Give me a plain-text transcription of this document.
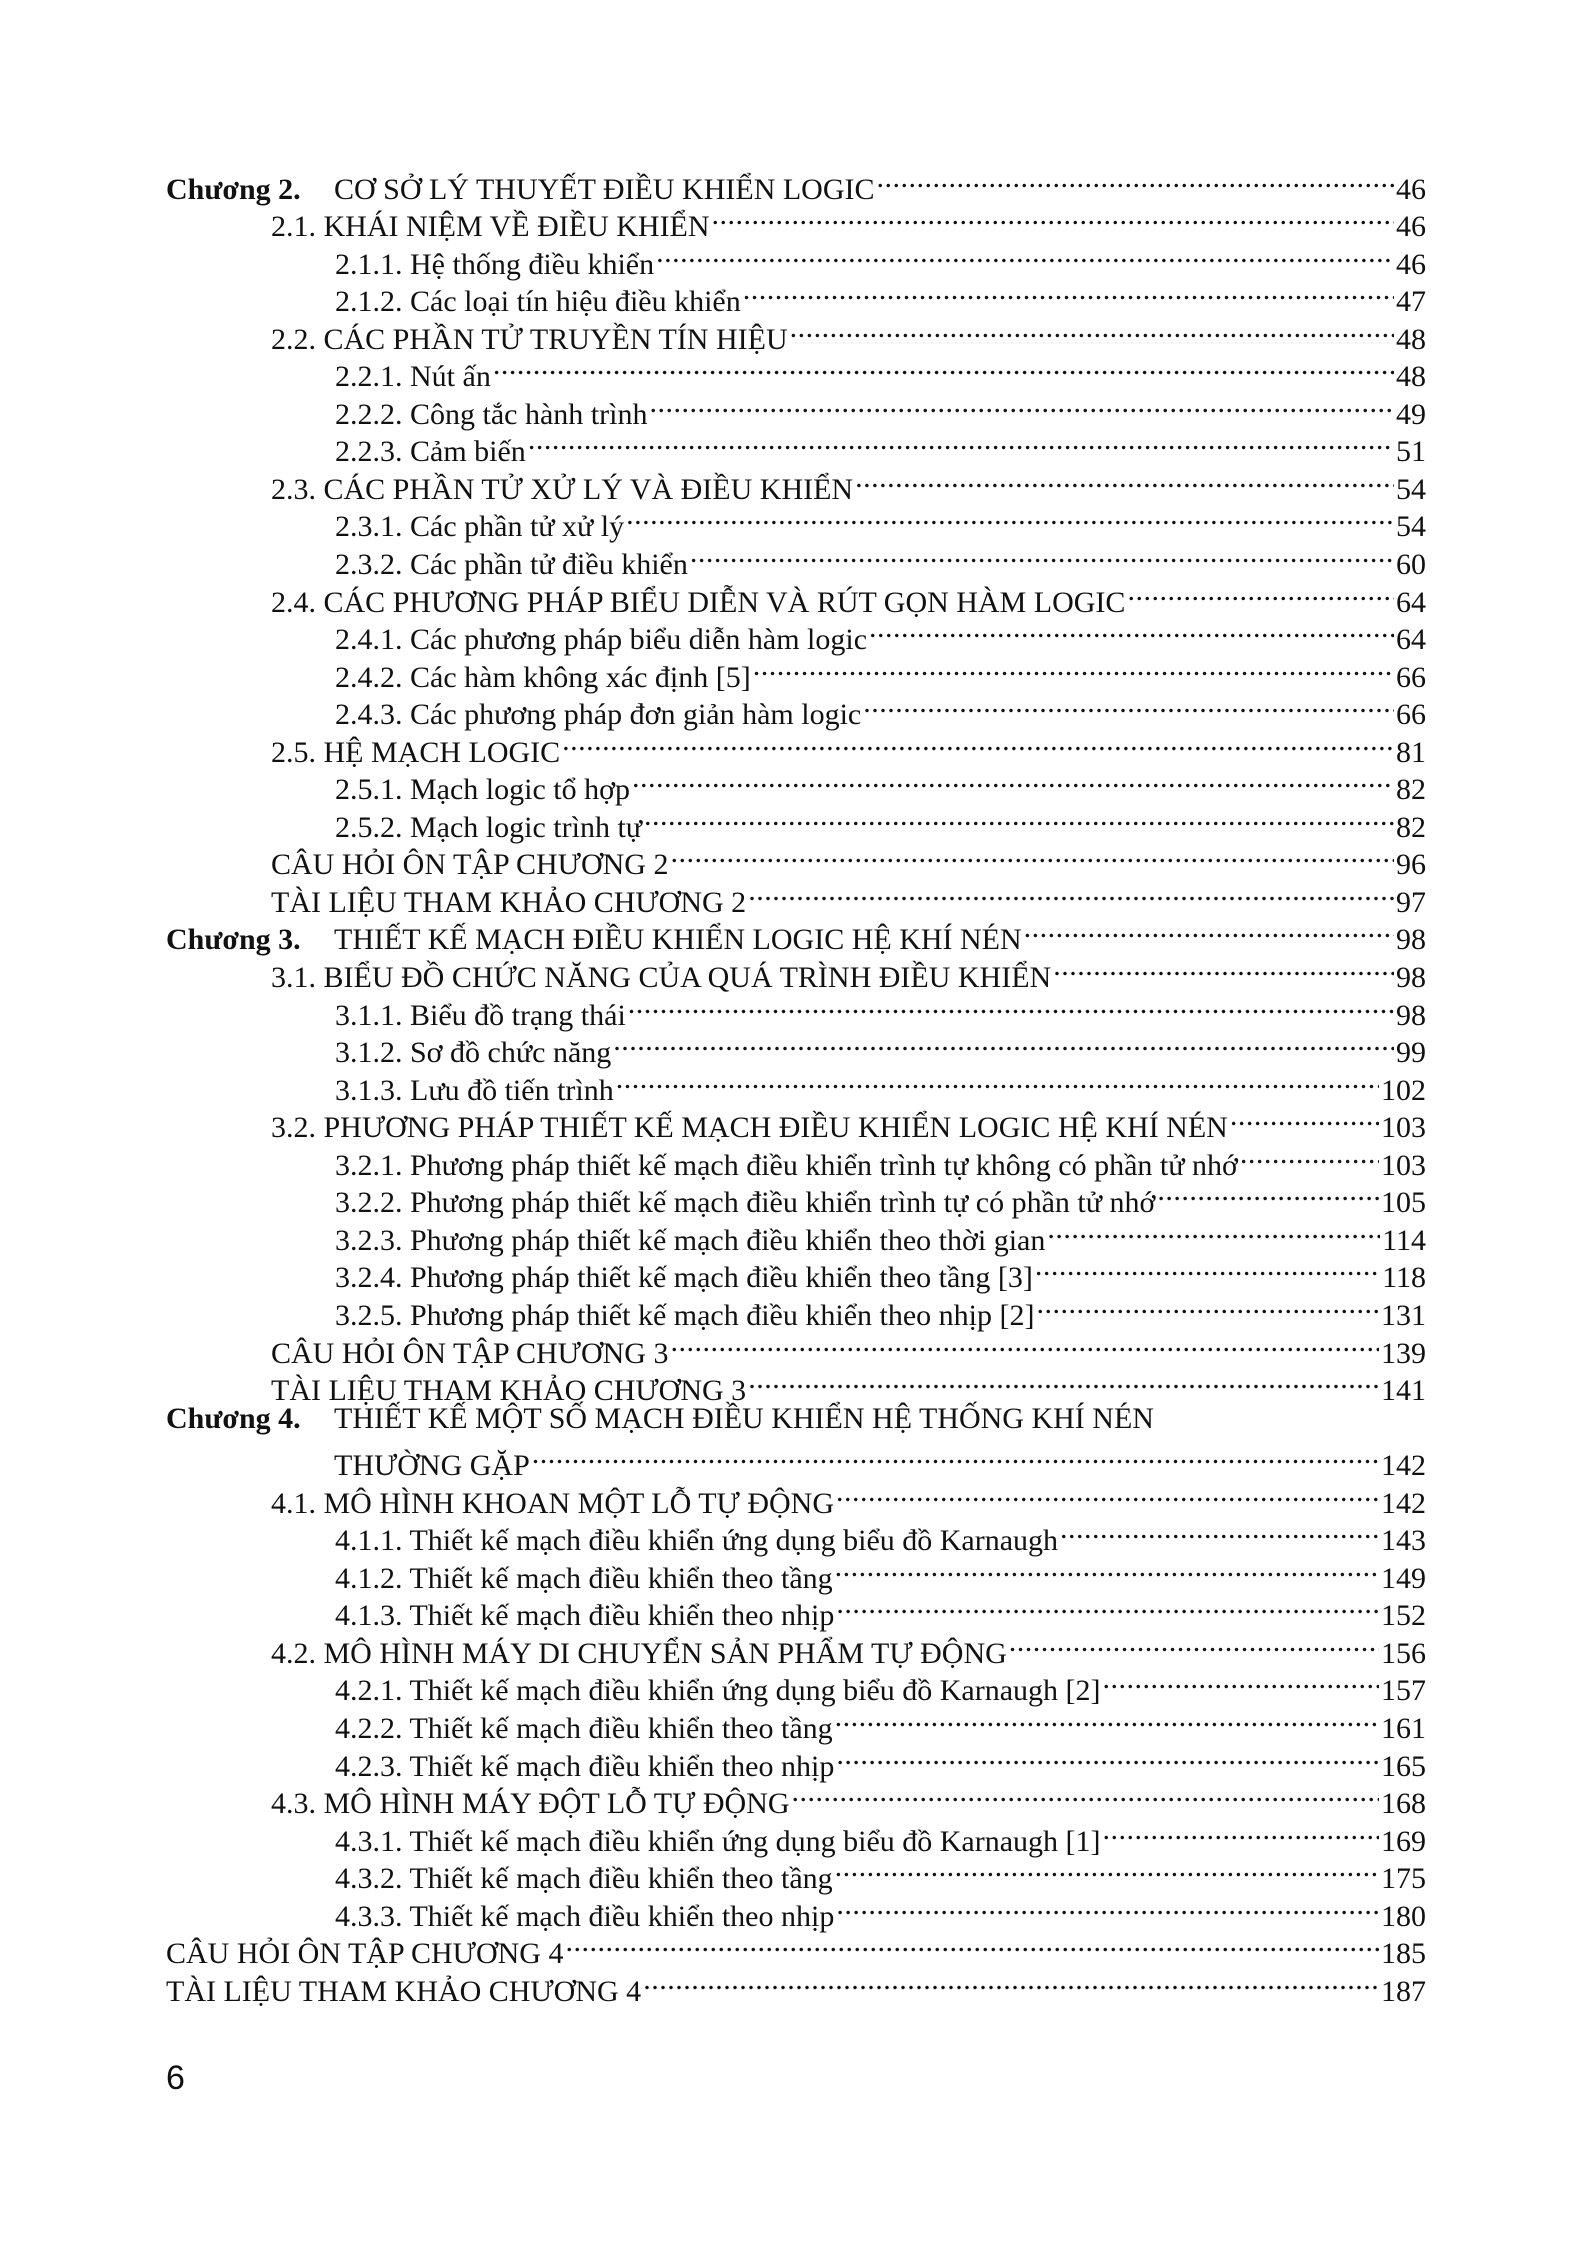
Chương 2.	CƠ SỞ LÝ THUYẾT ĐIỀU KHIỂN LOGIC .....	46
2.1. KHÁI NIỆM VỀ ĐIỀU KHIỂN .....	46
2.1.1. Hệ thống điều khiển .....	46
2.1.2. Các loại tín hiệu điều khiển .....	47
2.2. CÁC PHẦN TỬ TRUYỀN TÍN HIỆU .....	48
2.2.1. Nút ấn .....	48
2.2.2. Công tắc hành trình .....	49
2.2.3. Cảm biến .....	51
2.3. CÁC PHẦN TỬ XỬ LÝ VÀ ĐIỀU KHIỂN .....	54
2.3.1. Các phần tử xử lý .....	54
2.3.2. Các phần tử điều khiển .....	60
2.4. CÁC PHƯƠNG PHÁP BIỂU DIỄN VÀ RÚT GỌN HÀM LOGIC .....	64
2.4.1. Các phương pháp biểu diễn hàm logic .....	64
2.4.2. Các hàm không xác định [5] .....	66
2.4.3. Các phương pháp đơn giản hàm logic .....	66
2.5. HỆ MẠCH LOGIC .....	81
2.5.1. Mạch logic tổ hợp .....	82
2.5.2. Mạch logic trình tự .....	82
CÂU HỎI ÔN TẬP CHƯƠNG 2 .....	96
TÀI LIỆU THAM KHẢO CHƯƠNG 2 .....	97
Chương 3.	THIẾT KẾ MẠCH ĐIỀU KHIỂN LOGIC HỆ KHÍ NÉN .....	98
3.1. BIỂU ĐỒ CHỨC NĂNG CỦA QUÁ TRÌNH ĐIỀU KHIỂN .....	98
3.1.1. Biểu đồ trạng thái .....	98
3.1.2. Sơ đồ chức năng .....	99
3.1.3. Lưu đồ tiến trình .....	102
3.2. PHƯƠNG PHÁP THIẾT KẾ MẠCH ĐIỀU KHIỂN LOGIC HỆ KHÍ NÉN .....	103
3.2.1. Phương pháp thiết kế mạch điều khiển trình tự không có phần tử nhớ .....	103
3.2.2. Phương pháp thiết kế mạch điều khiển trình tự có phần tử nhớ .....	105
3.2.3. Phương pháp thiết kế mạch điều khiển theo thời gian .....	114
3.2.4. Phương pháp thiết kế mạch điều khiển theo tầng [3] .....	118
3.2.5. Phương pháp thiết kế mạch điều khiển theo nhịp [2] .....	131
CÂU HỎI ÔN TẬP CHƯƠNG 3 .....	139
TÀI LIỆU THAM KHẢO CHƯƠNG 3 .....	141
Chương 4.	THIẾT KẾ MỘT SỐ MẠCH ĐIỀU KHIỂN HỆ THỐNG KHÍ NÉN
THƯỜNG GẶP .....	142
4.1. MÔ HÌNH KHOAN MỘT LỖ TỰ ĐỘNG .....	142
4.1.1. Thiết kế mạch điều khiển ứng dụng biểu đồ Karnaugh .....	143
4.1.2. Thiết kế mạch điều khiển theo tầng .....	149
4.1.3. Thiết kế mạch điều khiển theo nhịp .....	152
4.2. MÔ HÌNH MÁY DI CHUYỂN SẢN PHẨM TỰ ĐỘNG .....	156
4.2.1. Thiết kế mạch điều khiển ứng dụng biểu đồ Karnaugh [2] .....	157
4.2.2. Thiết kế mạch điều khiển theo tầng .....	161
4.2.3. Thiết kế mạch điều khiển theo nhịp .....	165
4.3. MÔ HÌNH MÁY ĐỘT LỖ TỰ ĐỘNG .....	168
4.3.1. Thiết kế mạch điều khiển ứng dụng biểu đồ Karnaugh [1] .....	169
4.3.2. Thiết kế mạch điều khiển theo tầng .....	175
4.3.3. Thiết kế mạch điều khiển theo nhịp .....	180
CÂU HỎI ÔN TẬP CHƯƠNG 4 .....	185
TÀI LIỆU THAM KHẢO CHƯƠNG 4 .....	187
6
